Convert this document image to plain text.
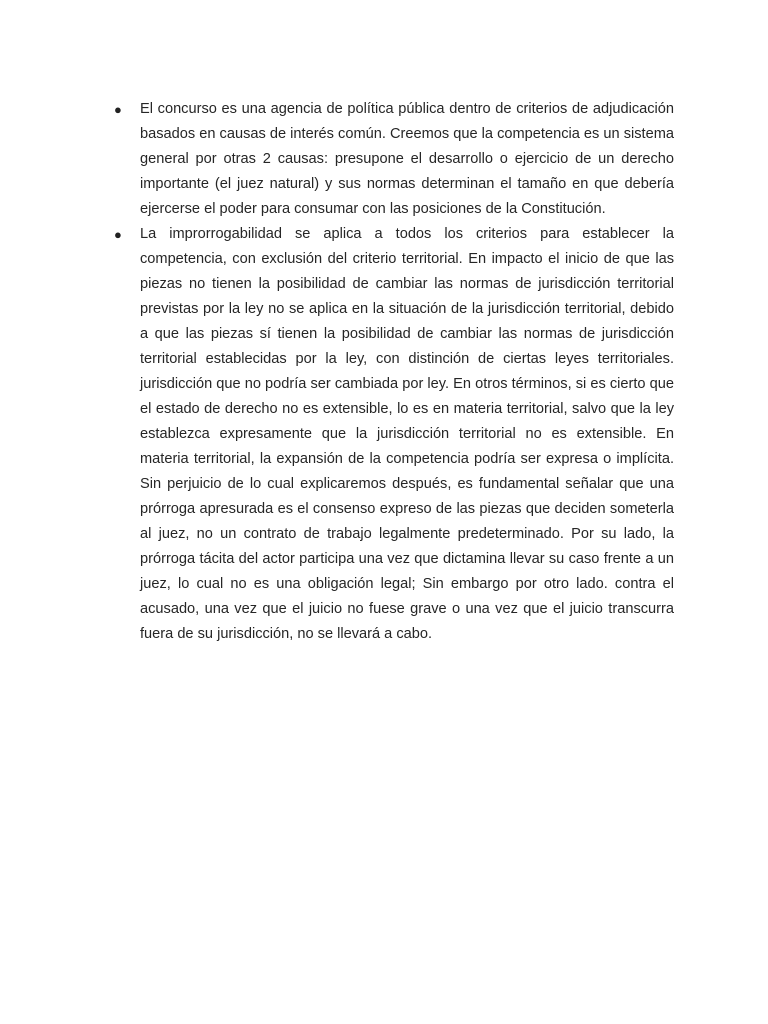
●	El concurso es una agencia de política pública dentro de criterios de adjudicación basados en causas de interés común. Creemos que la competencia es un sistema general por otras 2 causas: presupone el desarrollo o ejercicio de un derecho importante (el juez natural) y sus normas determinan el tamaño en que debería ejercerse el poder para consumar con las posiciones de la Constitución.
●	La improrrogabilidad se aplica a todos los criterios para establecer la competencia, con exclusión del criterio territorial. En impacto el inicio de que las piezas no tienen la posibilidad de cambiar las normas de jurisdicción territorial previstas por la ley no se aplica en la situación de la jurisdicción territorial, debido a que las piezas sí tienen la posibilidad de cambiar las normas de jurisdicción territorial establecidas por la ley, con distinción de ciertas leyes territoriales. jurisdicción que no podría ser cambiada por ley. En otros términos, si es cierto que el estado de derecho no es extensible, lo es en materia territorial, salvo que la ley establezca expresamente que la jurisdicción territorial no es extensible. En materia territorial, la expansión de la competencia podría ser expresa o implícita. Sin perjuicio de lo cual explicaremos después, es fundamental señalar que una prórroga apresurada es el consenso expreso de las piezas que deciden someterla al juez, no un contrato de trabajo legalmente predeterminado. Por su lado, la prórroga tácita del actor participa una vez que dictamina llevar su caso frente a un juez, lo cual no es una obligación legal; Sin embargo por otro lado. contra el acusado, una vez que el juicio no fuese grave o una vez que el juicio transcurra fuera de su jurisdicción, no se llevará a cabo.
